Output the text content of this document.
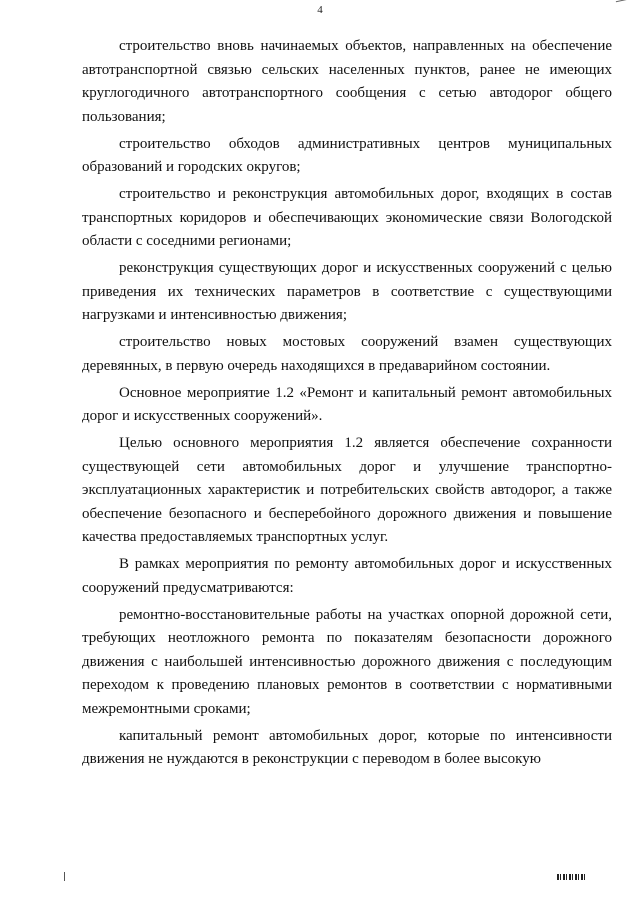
4

строительство вновь начинаемых объектов, направленных на обеспечение автотранспортной связью сельских населенных пунктов, ранее не имеющих круглогодичного автотранспортного сообщения с сетью автодорог общего пользования;

строительство обходов административных центров муниципальных образований и городских округов;

строительство и реконструкция автомобильных дорог, входящих в состав транспортных коридоров и обеспечивающих экономические связи Вологодской области с соседними регионами;

реконструкция существующих дорог и искусственных сооружений с целью приведения их технических параметров в соответствие с существующими нагрузками и интенсивностью движения;

строительство новых мостовых сооружений взамен существующих деревянных, в первую очередь находящихся в предаварийном состоянии.

Основное мероприятие 1.2 «Ремонт и капитальный ремонт автомобильных дорог и искусственных сооружений».

Целью основного мероприятия 1.2 является обеспечение сохранности существующей сети автомобильных дорог и улучшение транспортно-эксплуатационных характеристик и потребительских свойств автодорог, а также обеспечение безопасного и бесперебойного дорожного движения и повышение качества предоставляемых транспортных услуг.

В рамках мероприятия по ремонту автомобильных дорог и искусственных сооружений предусматриваются:

ремонтно-восстановительные работы на участках опорной дорожной сети, требующих неотложного ремонта по показателям безопасности дорожного движения с наибольшей интенсивностью дорожного движения с последующим переходом к проведению плановых ремонтов в соответствии с нормативными межремонтными сроками;

капитальный ремонт автомобильных дорог, которые по интенсивности движения не нуждаются в реконструкции с переводом в более высокую
